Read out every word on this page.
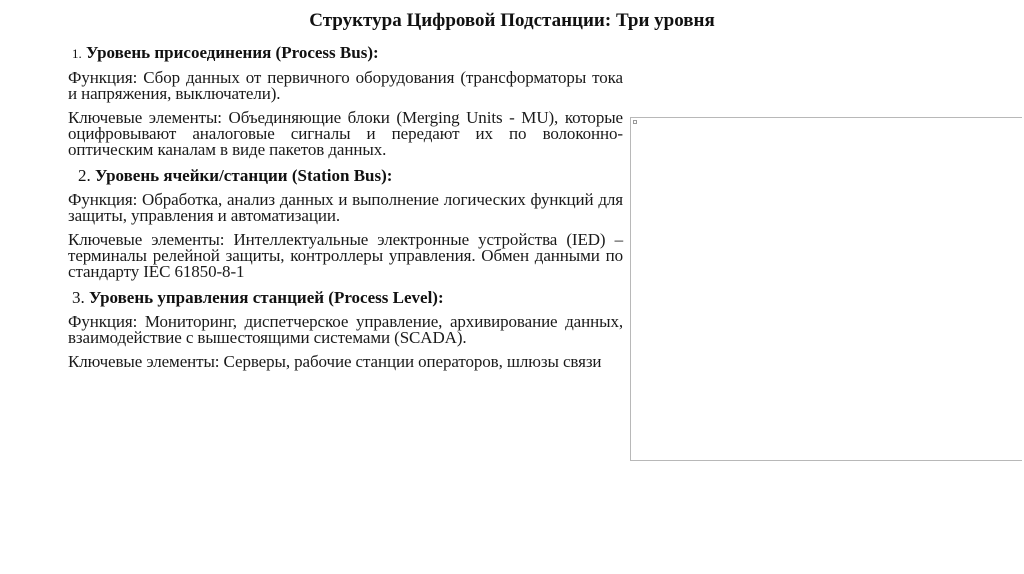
Структура Цифровой Подстанции: Три уровня
1. Уровень присоединения (Process Bus):

Функция: Сбор данных от первичного оборудования (трансформаторы тока и напряжения, выключатели).

Ключевые элементы: Объединяющие блоки (Merging Units - MU), которые оцифровывают аналоговые сигналы и передают их по волоконно-оптическим каналам в виде пакетов данных.

2. Уровень ячейки/станции (Station Bus):

Функция: Обработка, анализ данных и выполнение логических функций для защиты, управления и автоматизации.

Ключевые элементы: Интеллектуальные электронные устройства (IED) – терминалы релейной защиты, контроллеры управления. Обмен данными по стандарту IEC 61850-8-1

3. Уровень управления станцией (Process Level):

Функция: Мониторинг, диспетчерское управление, архивирование данных, взаимодействие с вышестоящими системами (SCADA).

Ключевые элементы: Серверы, рабочие станции операторов, шлюзы связи
